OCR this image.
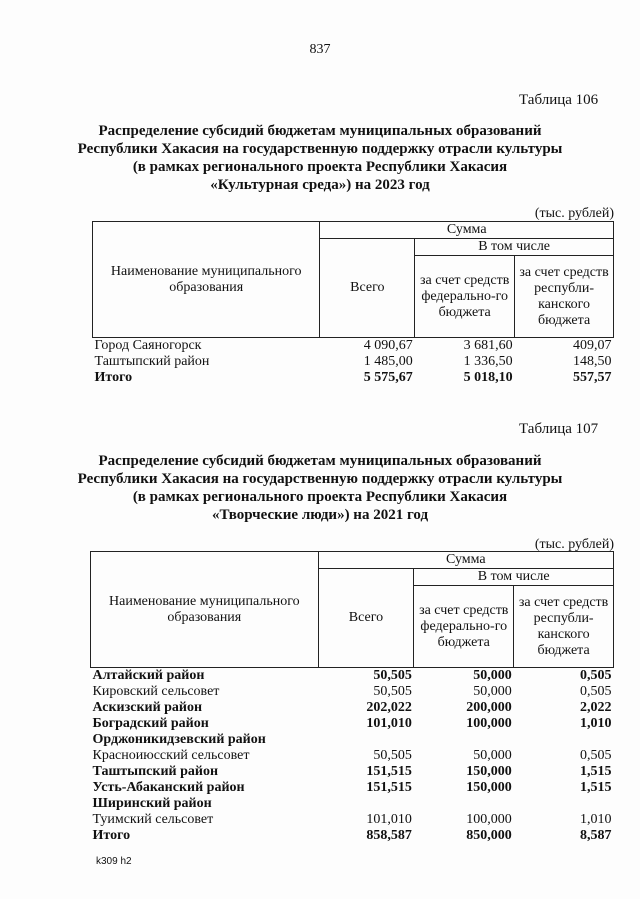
837
Таблица 106
Распределение субсидий бюджетам муниципальных образований
Республики Хакасия на государственную поддержку отрасли культуры
(в рамках регионального проекта Республики Хакасия
«Культурная среда») на 2023 год
(тыс. рублей)
Наименование муниципального образования	Сумма		
	Всего	В том числе	
		за счет средств федерально-го бюджета	за счет средств республи-канского бюджета
Город Саяногорск	4 090,67	3 681,60	409,07
Таштыпский район	1 485,00	1 336,50	148,50
Итого	5 575,67	5 018,10	557,57
Таблица 107
Распределение субсидий бюджетам муниципальных образований
Республики Хакасия на государственную поддержку отрасли культуры
(в рамках регионального проекта Республики Хакасия
«Творческие люди») на 2021 год
(тыс. рублей)
Наименование муниципального образования	Сумма		
	Всего	В том числе	
		за счет средств федерально-го бюджета	за счет средств республи-канского бюджета
Алтайский район	50,505	50,000	0,505
Кировский сельсовет	50,505	50,000	0,505
Аскизский район	202,022	200,000	2,022
Боградский район	101,010	100,000	1,010
Орджоникидзевский район			
Красноиюсский сельсовет	50,505	50,000	0,505
Таштыпский район	151,515	150,000	1,515
Усть-Абаканский район	151,515	150,000	1,515
Ширинский район			
Туимский сельсовет	101,010	100,000	1,010
Итого	858,587	850,000	8,587
k309 h2
